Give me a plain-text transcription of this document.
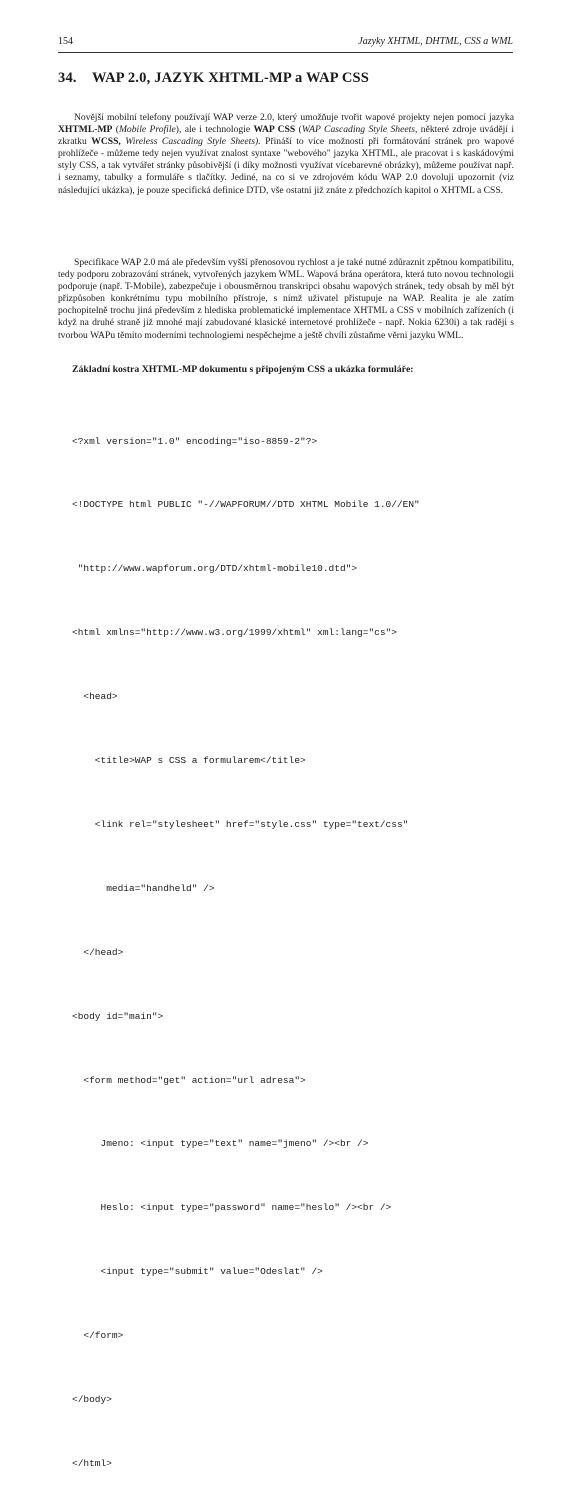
154	Jazyky XHTML, DHTML, CSS a WML
34. WAP 2.0, JAZYK XHTML-MP a WAP CSS

Novější mobilní telefony používají WAP verze 2.0, který umožňuje tvořit wapové projekty nejen pomocí jazyka XHTML-MP (Mobile Profile), ale i technologie WAP CSS (WAP Cascading Style Sheets, některé zdroje uvádějí i zkratku WCSS, Wireless Cascading Style Sheets). Přináší to více možností při formátování stránek pro wapové prohlížeče - můžeme tedy nejen využívat znalost syntaxe "webového" jazyka XHTML, ale pracovat i s kaskádovými styly CSS, a tak vytvářet stránky působivější (i díky možnosti využívat vícebarevné obrázky), můžeme používat např. i seznamy, tabulky a formuláře s tlačítky. Jediné, na co si ve zdrojovém kódu WAP 2.0 dovoluji upozornit (viz následující ukázka), je pouze specifická definice DTD, vše ostatní již znáte z předchozích kapitol o XHTML a CSS.

Specifikace WAP 2.0 má ale především vyšší přenosovou rychlost a je také nutné zdůraznit zpětnou kompatibilitu, tedy podporu zobrazování stránek, vytvořených jazykem WML. Wapová brána operátora, která tuto novou technologii podporuje (např. T-Mobile), zabezpečuje i obousměrnou transkripci obsahu wapových stránek, tedy obsah by měl být přizpůsoben konkrétnímu typu mobilního přístroje, s nímž uživatel přistupuje na WAP. Realita je ale zatím pochopitelně trochu jiná především z hlediska problematické implementace XHTML a CSS v mobilních zařízeních (i když na druhé straně již mnohé mají zabudované klasické internetové prohlížeče - např. Nokia 6230i) a tak raději s tvorbou WAPu těmito moderními technologiemi nespěchejme a ještě chvíli zůstaňme věrni jazyku WML.

Základní kostra XHTML-MP dokumentu s připojeným CSS a ukázka formuláře:

<?xml version="1.0" encoding="iso-8859-2"?>

<!DOCTYPE html PUBLIC "-//WAPFORUM//DTD XHTML Mobile 1.0//EN"

"http://www.wapforum.org/DTD/xhtml-mobile10.dtd">

<html xmlns="http://www.w3.org/1999/xhtml" xml:lang="cs">

<head>

<title>WAP s CSS a formularem</title>

<link rel="stylesheet" href="style.css" type="text/css"

media="handheld" />

</head>

<body id="main">

<form method="get" action="url adresa">

Jmeno: <input type="text" name="jmeno" /><br />

Heslo: <input type="password" name="heslo" /><br />

<input type="submit" value="Odeslat" />

</form>

</body>

</html>
